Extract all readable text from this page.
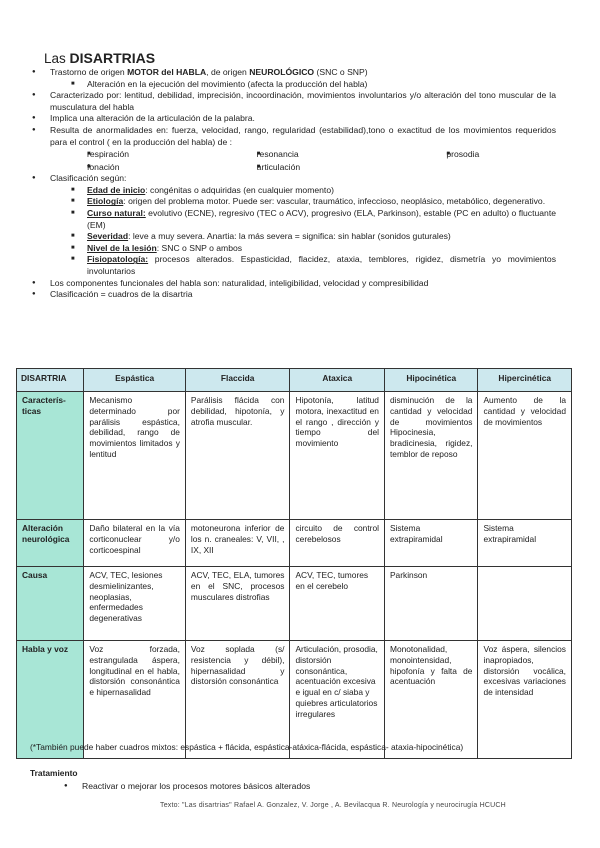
Las DISARTRIAS
● Trastorno de origen MOTOR del HABLA, de origen NEUROLÓGICO (SNC o SNP)
■ Alteración en la ejecución del movimiento (afecta la producción del habla)
● Caracterizado por: lentitud, debilidad, imprecisión, incoordinación, movimientos involuntarios y/o alteración del tono muscular de la musculatura del habla
● Implica una alteración de la articulación de la palabra.
● Resulta de anormalidades en: fuerza, velocidad, rango, regularidad (estabilidad),tono o exactitud de los movimientos requeridos para el control ( en la producción del habla) de :
■ respiración
■ fonación
■ resonancia
■ articulación
■ prosodia
● Clasificación según:
■ Edad de inicio: congénitas o adquiridas (en cualquier momento)
■ Etiología: origen del problema motor. Puede ser: vascular, traumático, infeccioso, neoplásico, metabólico, degenerativo.
■ Curso natural: evolutivo (ECNE), regresivo (TEC o ACV), progresivo (ELA, Parkinson), estable (PC en adulto) o fluctuante (EM)
■ Severidad: leve a muy severa. Anartia: la más severa = significa: sin hablar (sonidos guturales)
■ Nivel de la lesión: SNC o SNP o ambos
■ Fisiopatología: procesos alterados. Espasticidad, flacidez, ataxia, temblores, rigidez, dismetría yo movimientos involuntarios
● Los componentes funcionales del habla son: naturalidad, inteligibilidad, velocidad y compresibilidad
● Clasificación = cuadros de la disartria
DISARTRIA	Espástica	Flaccida	Ataxica	Hipocinética	Hipercinética
Caracterís-ticas	Mecanismo determinado por parálisis espástica, debilidad, rango de movimientos limitados y lentitud	Parálisis flácida con debilidad, hipotonía, y atrofia muscular.	Hipotonía, latitud motora, inexactitud en el rango , dirección y tiempo del movimiento	disminución de la cantidad y velocidad de movimientos Hipocinesia, bradicinesia, rigidez, temblor de reposo	Aumento de la cantidad y velocidad de movimientos
Alteración neurológica	Daño bilateral en la vía corticonuclear y/o corticoespinal	motoneurona inferior de los n. craneales: V, VII, , IX, XII	circuito de control cerebelosos	Sistema extrapiramidal	Sistema extrapiramidal
Causa	ACV, TEC, lesiones desmielinizantes, neoplasias, enfermedades degenerativas	ACV, TEC, ELA, tumores en el SNC, procesos musculares distrofias	ACV, TEC, tumores en el cerebelo	Parkinson	
Habla y voz	Voz forzada, estrangulada áspera, longitudinal en el habla, distorsión consonántica e hipernasalidad	Voz soplada (s/ resistencia y débil), hipernasalidad y distorsión consonántica	Articulación, prosodia, distorsión consonántica, acentuación excesiva e igual en c/ siaba y quiebres articulatorios irregulares	Monotonalidad, monointensidad, hipofonía y falta de acentuación	Voz áspera, silencios inapropiados, distorsión vocálica, excesivas variaciones de intensidad
(*También puede haber cuadros mixtos: espástica + flácida, espástica-atáxica-flácida, espástica- ataxia-hipocinética)
Tratamiento
● Reactivar o mejorar los procesos motores básicos alterados
Texto: "Las disartrias" Rafael A. Gonzalez, V. Jorge , A. Bevilacqua R. Neurología y neurocirugía HCUCH
